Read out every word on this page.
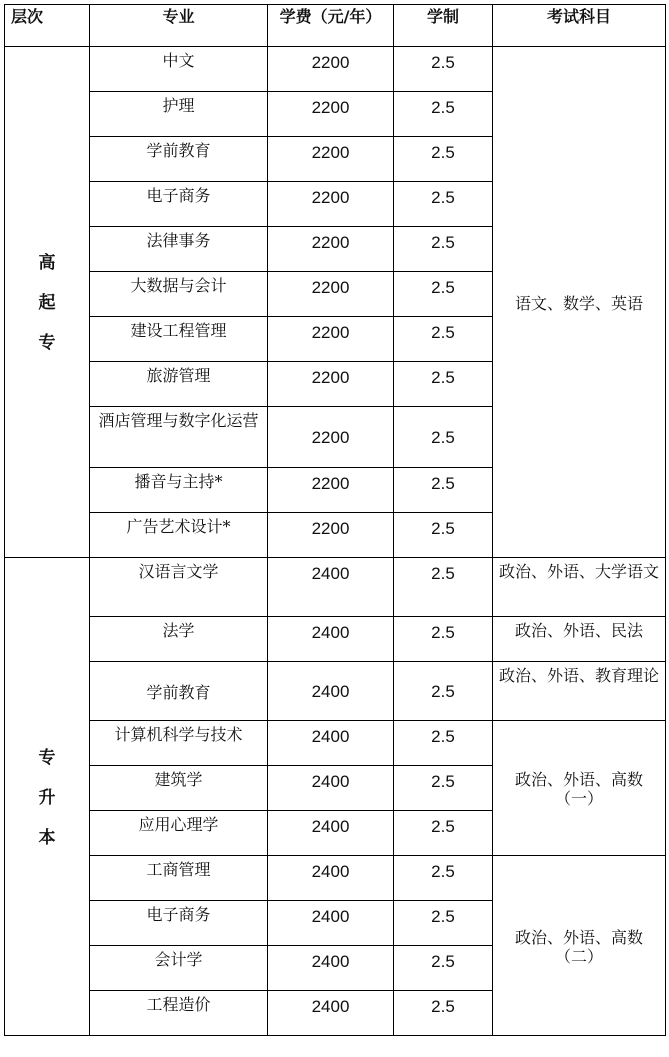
层次	专业	学费（元/年）	学制	考试科目
高
起
专	中文	2200	2.5	语文、数学、英语
	护理	2200	2.5	
	学前教育	2200	2.5	
	电子商务	2200	2.5	
	法律事务	2200	2.5	
	大数据与会计	2200	2.5	
	建设工程管理	2200	2.5	
	旅游管理	2200	2.5	
	酒店管理与数字化运营	2200	2.5	
	播音与主持*	2200	2.5	
	广告艺术设计*	2200	2.5	
专
升
本	汉语言文学	2400	2.5	政治、外语、大学语文
	法学	2400	2.5	政治、外语、民法
	学前教育	2400	2.5	政治、外语、教育理论
	计算机科学与技术	2400	2.5	政治、外语、高数（一）
	建筑学	2400	2.5	
	应用心理学	2400	2.5	
	工商管理	2400	2.5	政治、外语、高数（二）
	电子商务	2400	2.5	
	会计学	2400	2.5	
	工程造价	2400	2.5	
